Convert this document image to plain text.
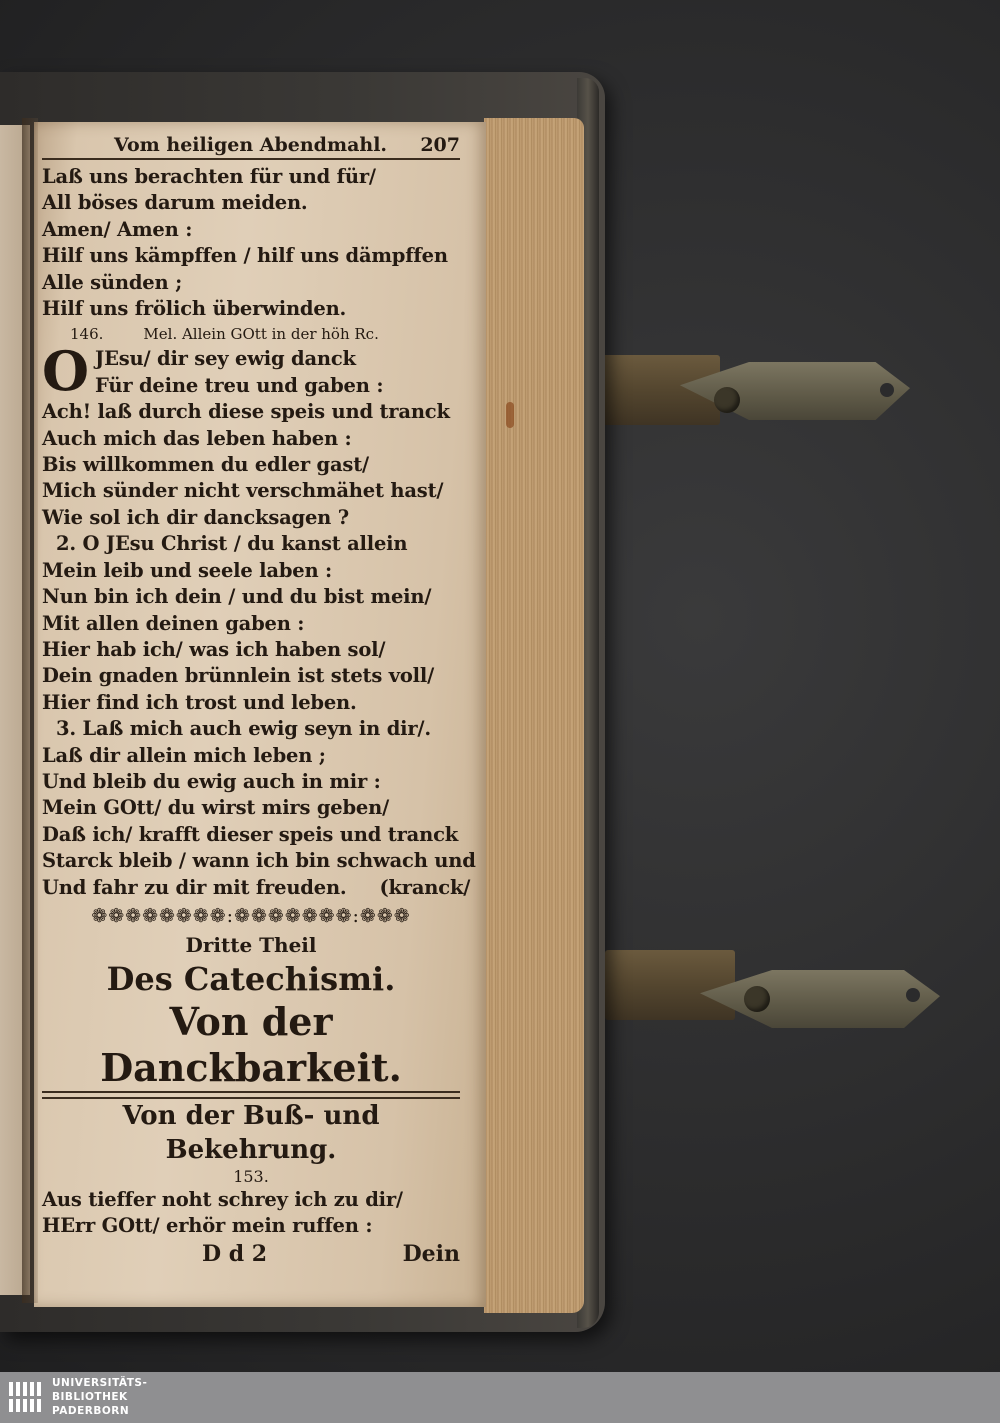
Vom heiligen Abendmahl. 207
Laß uns berachten für und für/
All böses darum meiden.
Amen/ Amen :
Hilf uns kämpffen / hilf uns dämpffen
Alle sünden ;
Hilf uns frölich überwinden.
146.	Mel. Allein GOtt in der höh Rc.
O JEsu/ dir sey ewig danck
Für deine treu und gaben :
Ach! laß durch diese speis und tranck
Auch mich das leben haben :
Bis willkommen du edler gast/
Mich sünder nicht verschmähet hast/
Wie sol ich dir dancksagen ?
2. O JEsu Christ / du kanst allein
Mein leib und seele laben :
Nun bin ich dein / und du bist mein/
Mit allen deinen gaben :
Hier hab ich/ was ich haben sol/
Dein gnaden brünnlein ist stets voll/
Hier find ich trost und leben.
3. Laß mich auch ewig seyn in dir/.
Laß dir allein mich leben ;
Und bleib du ewig auch in mir :
Mein GOtt/ du wirst mirs geben/
Daß ich/ krafft dieser speis und tranck
Starck bleib / wann ich bin schwach und
Und fahr zu dir mit freuden.     (kranck/
❁❁❁❁❁❁❁❁:❁❁❁❁❁❁❁:❁❁❁
Dritte Theil
Des Catechismi.
Von der Danckbarkeit.
Von der Buß- und Bekehrung.
153.
Aus tieffer noht schrey ich zu dir/
HErr GOtt/ erhör mein ruffen :
D d 2	Dein
UNIVERSITÄTS-
BIBLIOTHEK
PADERBORN
